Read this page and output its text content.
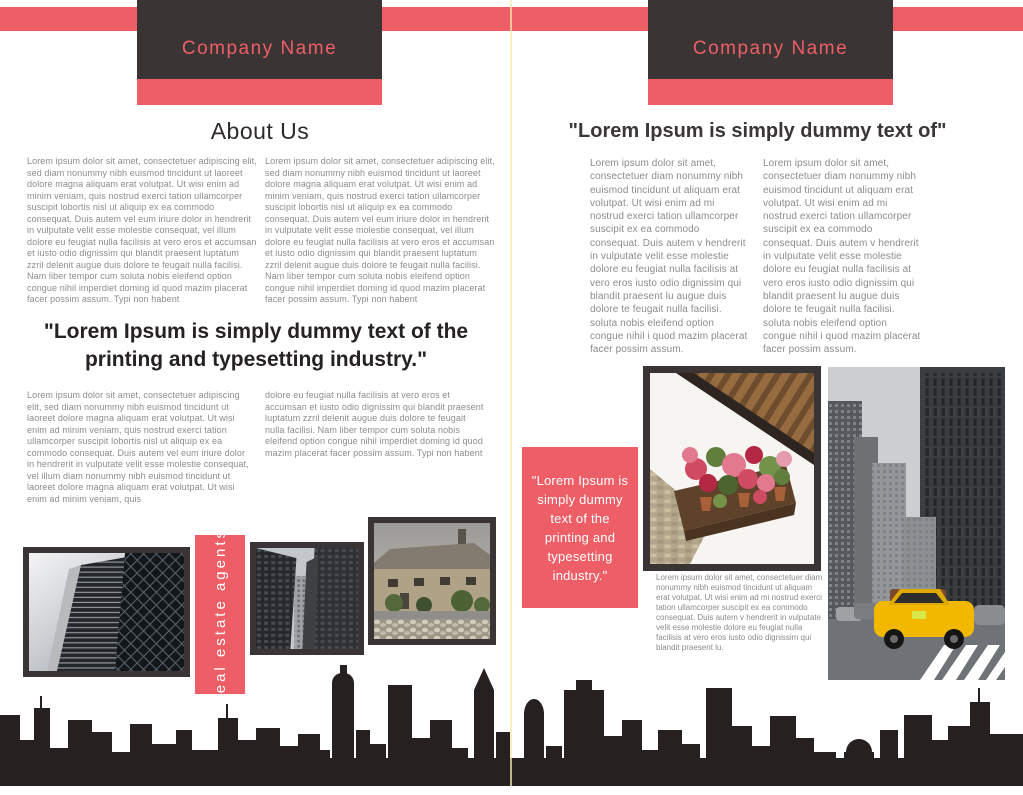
Company Name
About Us
Lorem ipsum dolor sit amet, consectetuer adipiscing elit, sed diam nonummy nibh euismod tincidunt ut laoreet dolore magna aliquam erat volutpat. Ut wisi enim ad minim veniam, quis nostrud exerci tation ullamcorper suscipit lobortis nisl ut aliquip ex ea commodo consequat. Duis autem vel eum iriure dolor in hendrerit in vulputate velit esse molestie consequat, vel illum dolore eu feugiat nulla facilisis at vero eros et accumsan et iusto odio dignissim qui blandit praesent luptatum zzril delenit augue duis dolore te feugait nulla facilisi. Nam liber tempor cum soluta nobis eleifend option congue nihil imperdiet doming id quod mazim placerat facer possim assum. Typi non habent
Lorem ipsum dolor sit amet, consectetuer adipiscing elit, sed diam nonummy nibh euismod tincidunt ut laoreet dolore magna aliquam erat volutpat. Ut wisi enim ad minim veniam, quis nostrud exerci tation ullamcorper suscipit lobortis nisl ut aliquip ex ea commodo consequat. Duis autem vel eum iriure dolor in hendrerit in vulputate velit esse molestie consequat, vel illum dolore eu feugiat nulla facilisis at vero eros et accumsan et iusto odio dignissim qui blandit praesent luptatum zzril delenit augue duis dolore te feugait nulla facilisi. Nam liber tempor cum soluta nobis eleifend option congue nihil imperdiet doming id quod mazim placerat facer possim assum. Typi non habent
"Lorem Ipsum is simply dummy text of the printing and typesetting industry."
Lorem ipsum dolor sit amet, consectetuer adipiscing elit, sed diam nonummy nibh euismod tincidunt ut laoreet dolore magna aliquam erat volutpat. Ut wisi enim ad minim veniam, quis nostrud exerci tation ullamcorper suscipit lobortis nisl ut aliquip ex ea commodo consequat. Duis autem vel eum iriure dolor in hendrerit in vulputate velit esse molestie consequat, vel illum diam nonummy nibh euismod tincidunt ut laoreet dolore magna aliquam erat volutpat. Ut wisi enim ad minim veniam, quis
dolore eu feugiat nulla facilisis at vero eros et accumsan et iusto odio dignissim qui blandit praesent luptatum zzril delenit augue duis dolore te feugait nulla facilisi. Nam liber tempor cum soluta nobis eleifend option congue nihil imperdiet doming id quod mazim placerat facer possim assum. Typi non habent
real estate agents
Company Name
"Lorem Ipsum is simply dummy text of"
Lorem ipsum dolor sit amet, consectetuer diam nonummy nibh euismod tincidunt ut aliquam erat volutpat. Ut wisi enim ad mi nostrud exerci tation ullamcorper suscipit ex ea commodo consequat. Duis autem v hendrerit in vulputate velit esse molestie dolore eu feugiat nulla facilisis at vero eros iusto odio dignissim qui blandit praesent lu augue duis dolore te feugait nulla facilisi. soluta nobis eleifend option congue nihil i quod mazim placerat facer possim assum.
Lorem ipsum dolor sit amet, consectetuer diam nonummy nibh euismod tincidunt ut aliquam erat volutpat. Ut wisi enim ad mi nostrud exerci tation ullamcorper suscipit ex ea commodo consequat. Duis autem v hendrerit in vulputate velit esse molestie dolore eu feugiat nulla facilisis at vero eros iusto odio dignissim qui blandit praesent lu augue duis dolore te feugait nulla facilisi. soluta nobis eleifend option congue nihil i quod mazim placerat facer possim assum.
"Lorem Ipsum is simply dummy text of the printing and typesetting industry."	Lorem ipsum dolor sit amet, consectetuer diam nonummy nibh euismod tincidunt ut aliquam erat volutpat. Ut wisi enim ad mi nostrud exerci tation ullamcorper suscipit ex ea commodo consequat. Duis autem v hendrerit in vulputate velit esse molestie dolore eu feugiat nulla facilisis at vero eros iusto odio dignissim qui blandit praesent lu.
